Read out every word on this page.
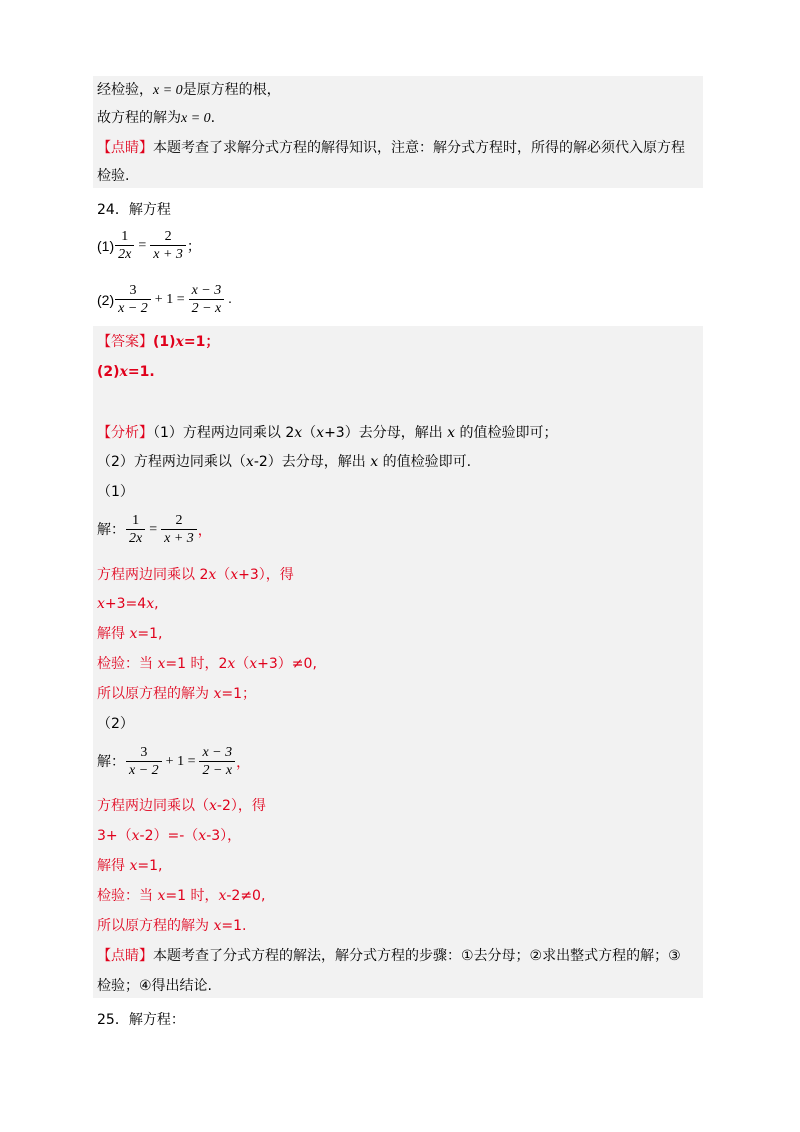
经检验，x = 0是原方程的根，
故方程的解为x = 0.
【点睛】本题考查了求解分式方程的解得知识，注意：解分式方程时，所得的解必须代入原方程
检验.
24．解方程
$(1) \frac{1}{2x} = \frac{2}{x + 3}$ ；
$(2) \frac{3}{x - 2} + 1 = \frac{x - 3}{2 - x}$ .
【答案】(1)x=1；
(2)x=1.
【分析】（1）方程两边同乘以 2x（x+3）去分母，解出 x 的值检验即可；
（2）方程两边同乘以（x-2）去分母，解出 x 的值检验即可.
（1）
解： $\frac{1}{2x} = \frac{2}{x + 3}$ ，
方程两边同乘以 2x（x+3），得
x+3=4x,
解得 x=1,
检验：当 x=1 时，2x（x+3）≠0,
所以原方程的解为 x=1；
（2）
解： $\frac{3}{x - 2} + 1 = \frac{x - 3}{2 - x}$ ，
方程两边同乘以（x-2），得
3+（x-2）=-（x-3），
解得 x=1,
检验：当 x=1 时，x-2≠0,
所以原方程的解为 x=1.
【点睛】本题考查了分式方程的解法，解分式方程的步骤：①去分母；②求出整式方程的解；③
检验；④得出结论.
25．解方程：
